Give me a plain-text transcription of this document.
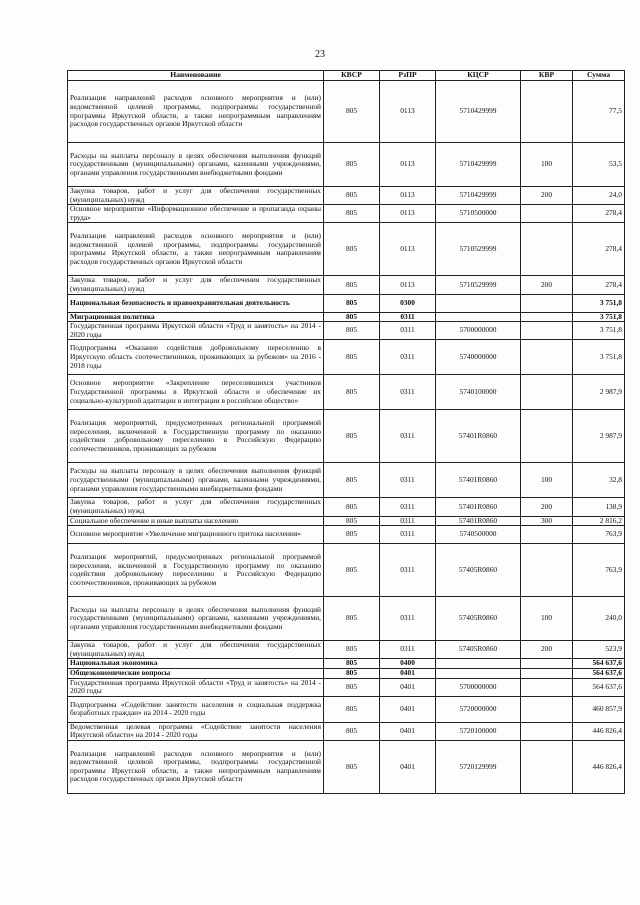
23
Наименование	КВСР	РзПР	КЦСР	КВР	Сумма
Реализация направлений расходов основного мероприятия и (или) ведомственной целевой программы, подпрограммы государственной программы Иркутской области, а также непрограммным направлениям расходов государственных органов Иркутской области	805	0113	5710429999		77,5
Расходы на выплаты персоналу в целях обеспечения выполнения функций государственными (муниципальными) органами, казенными учреждениями, органами управления государственными внебюджетными фондами	805	0113	5710429999	100	53,5
Закупка товаров, работ и услуг для обеспечения государственных (муниципальных) нужд	805	0113	5710429999	200	24,0
Основное мероприятие «Информационное обеспечение и пропаганда охраны труда»	805	0113	5710500000		278,4
Реализация направлений расходов основного мероприятия и (или) ведомственной целевой программы, подпрограммы государственной программы Иркутской области, а также непрограммным направлениям расходов государственных органов Иркутской области	805	0113	5710529999		278,4
Закупка товаров, работ и услуг для обеспечения государственных (муниципальных) нужд	805	0113	5710529999	200	278,4
Национальная безопасность и правоохранительная деятельность	805	0300			3 751,8
Миграционная политика	805	0311			3 751,8
Государственная программа Иркутской области «Труд и занятость» на 2014 - 2020 годы	805	0311	5700000000		3 751,8
Подпрограмма «Оказание содействия добровольному переселению в Иркутскую область соотечественников, проживающих за рубежом» на 2016 - 2018 годы	805	0311	5740000000		3 751,8
Основное мероприятие «Закрепление переселившихся участников Государственной программы в Иркутской области и обеспечение их социально-культурной адаптации и интеграции в российское общество»	805	0311	5740100000		2 987,9
Реализация мероприятий, предусмотренных региональной программой переселения, включенной в Государственную программу по оказанию содействия добровольному переселению в Российскую Федерацию соотечественников, проживающих за рубежом	805	0311	57401R0860		2 987,9
Расходы на выплаты персоналу в целях обеспечения выполнения функций государственными (муниципальными) органами, казенными учреждениями, органами управления государственными внебюджетными фондами	805	0311	57401R0860	100	32,8
Закупка товаров, работ и услуг для обеспечения государственных (муниципальных) нужд	805	0311	57401R0860	200	138,9
Социальное обеспечение и иные выплаты населению	805	0311	57401R0860	300	2 816,2
Основное мероприятие «Увеличение миграционного притока населения»	805	0311	5740500000		763,9
Реализация мероприятий, предусмотренных региональной программой переселения, включенной в Государственную программу по оказанию содействия добровольному переселению в Российскую Федерацию соотечественников, проживающих за рубежом	805	0311	57405R0860		763,9
Расходы на выплаты персоналу в целях обеспечения выполнения функций государственными (муниципальными) органами, казенными учреждениями, органами управления государственными внебюджетными фондами	805	0311	57405R0860	100	240,0
Закупка товаров, работ и услуг для обеспечения государственных (муниципальных) нужд	805	0311	57405R0860	200	523,9
Национальная экономика	805	0400			564 637,6
Общеэкономические вопросы	805	0401			564 637,6
Государственная программа Иркутской области «Труд и занятость» на 2014 - 2020 годы	805	0401	5700000000		564 637,6
Подпрограмма «Содействие занятости населения и социальная поддержка безработных граждан» на 2014 - 2020 годы	805	0401	5720000000		460 857,9
Ведомственная целевая программа «Содействие занятости населения Иркутской области» на 2014 - 2020 годы	805	0401	5720100000		446 826,4
Реализация направлений расходов основного мероприятия и (или) ведомственной целевой программы, подпрограммы государственной программы Иркутской области, а также непрограммным направлениям расходов государственных органов Иркутской области	805	0401	5720129999		446 826,4
